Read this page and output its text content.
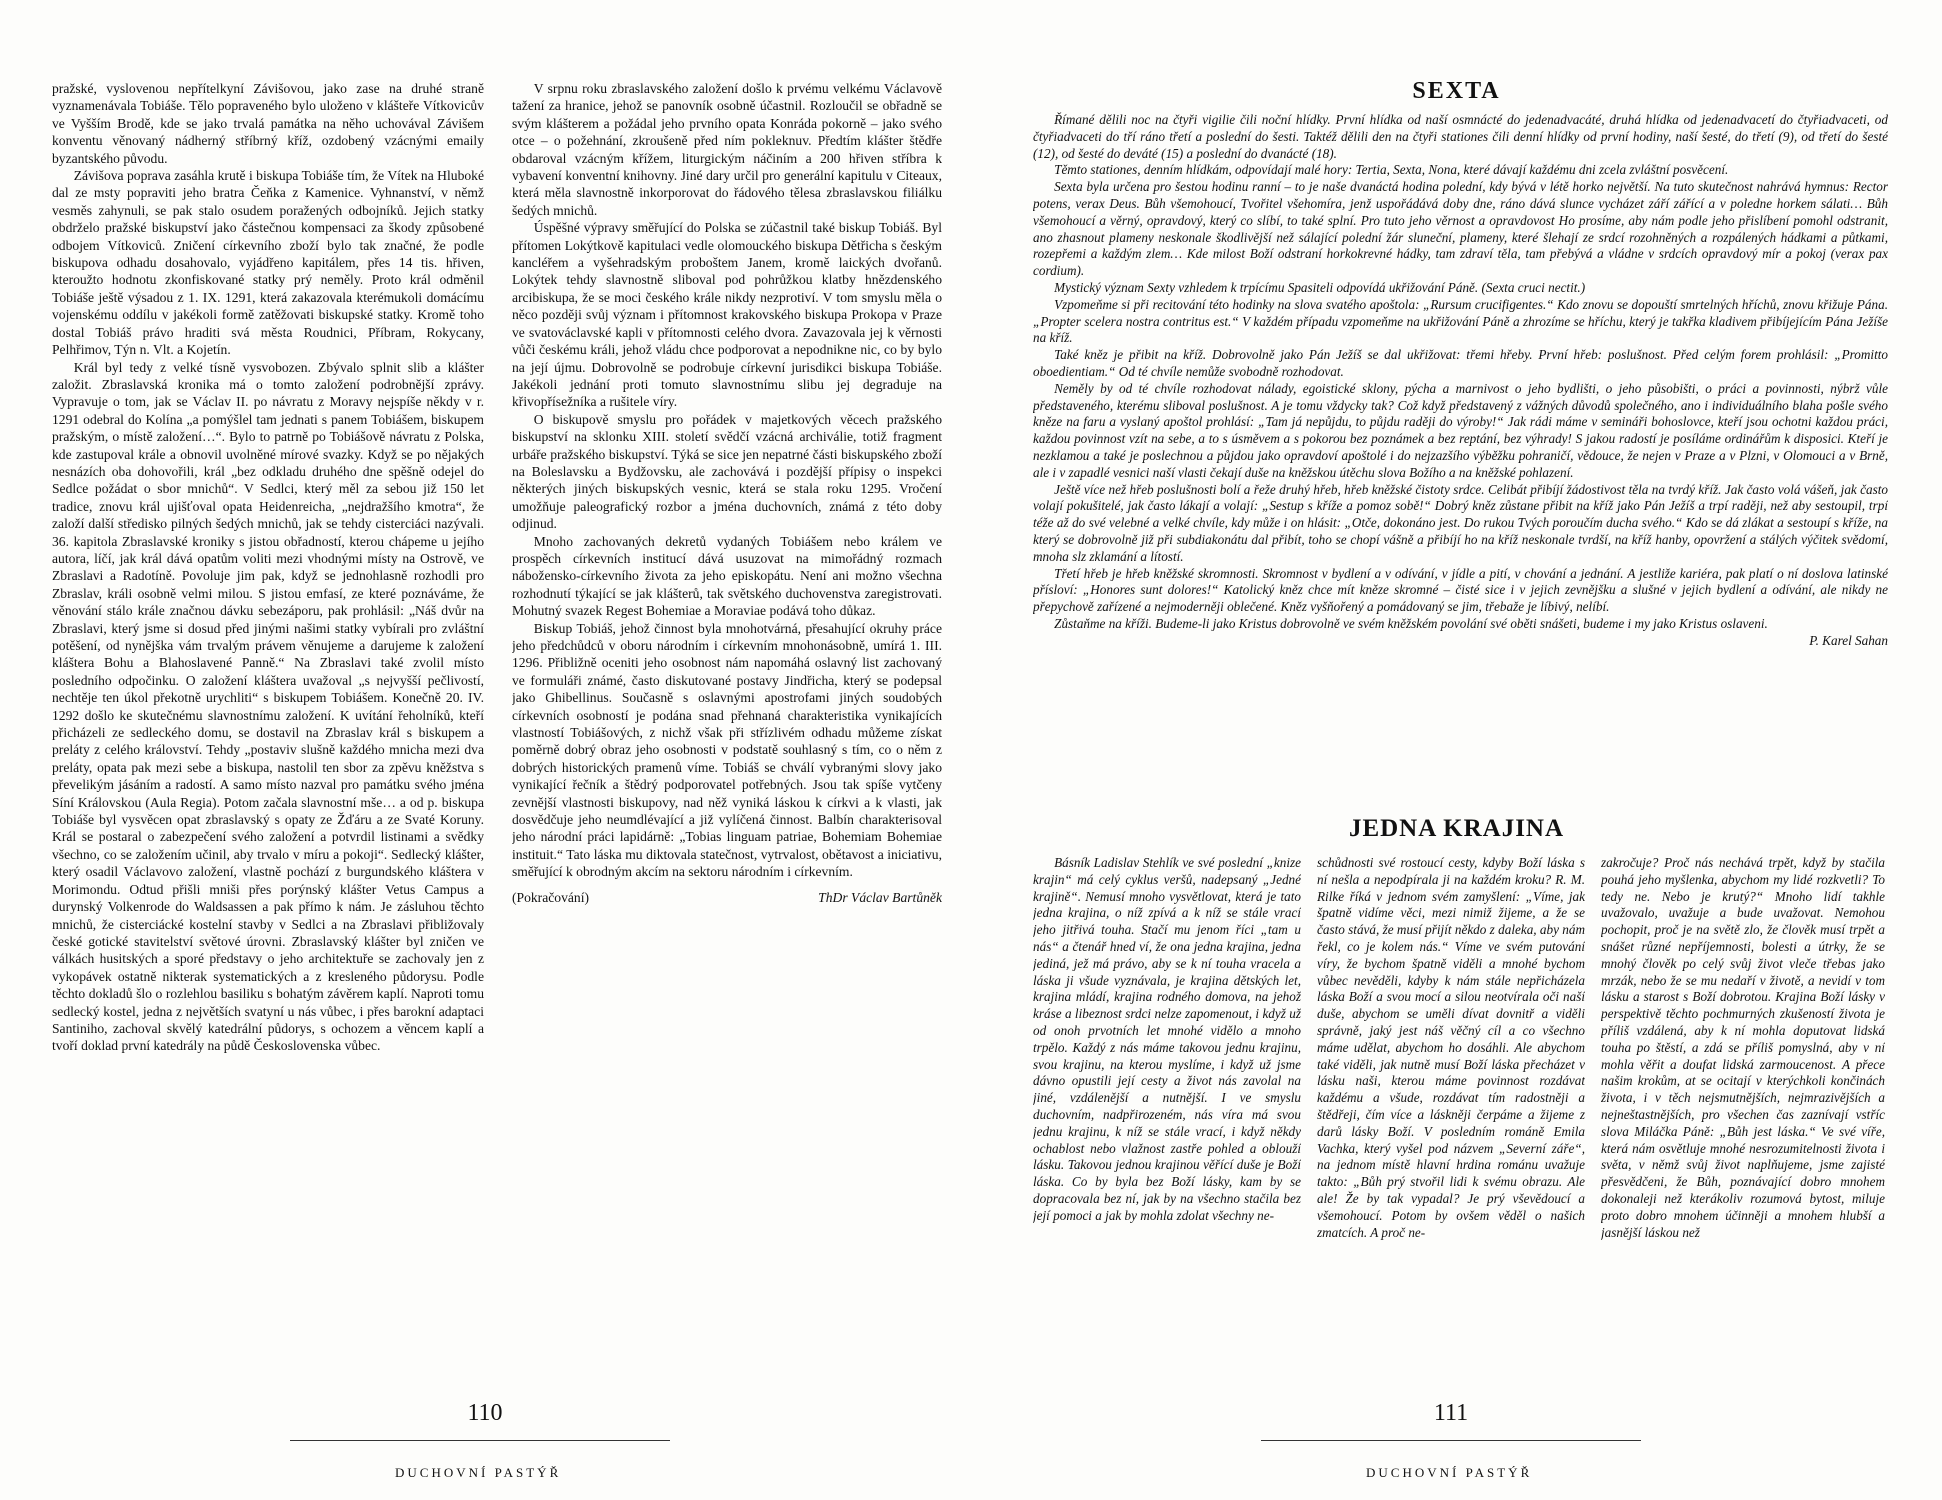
pražské, vyslovenou nepřítelkyní Závišovou, jako zase na druhé straně vyznamenávala Tobiáše. Tělo popraveného bylo uloženo v klášteře Vítkovicův ve Vyšším Brodě, kde se jako trvalá památka na něho uchovával Závišem konventu věnovaný nádherný stříbrný kříž, ozdobený vzácnými emaily byzantského původu.

Závišova poprava zasáhla krutě i biskupa Tobiáše tím, že Vítek na Hluboké dal ze msty popraviti jeho bratra Čeňka z Kamenice. Vyhnanství, v němž vesměs zahynuli, se pak stalo osudem poražených odbojníků. Jejich statky obdrželo pražské biskupství jako částečnou kompensaci za škody způsobené odbojem Vítkoviců. Zničení církevního zboží bylo tak značné, že podle biskupova odhadu dosahovalo, vyjádřeno kapitálem, přes 14 tis. hřiven, kteroužto hodnotu zkonfiskované statky prý neměly. Proto král odměnil Tobiáše ještě výsadou z 1. IX. 1291, která zakazovala kterémukoli domácímu vojenskému oddílu v jakékoli formě zatěžovati biskupské statky. Kromě toho dostal Tobiáš právo hraditi svá města Roudnici, Příbram, Rokycany, Pelhřimov, Týn n. Vlt. a Kojetín.

Král byl tedy z velké tísně vysvobozen. Zbývalo splnit slib a klášter založit. Zbraslavská kronika má o tomto založení podrobnější zprávy. Vypravuje o tom, jak se Václav II. po návratu z Moravy nejspíše někdy v r. 1291 odebral do Kolína „a pomýšlel tam jednati s panem Tobiášem, biskupem pražským, o místě založení…“. Bylo to patrně po Tobiášově návratu z Polska, kde zastupoval krále a obnovil uvolněné mírové svazky. Když se po nějakých nesnázích oba dohovořili, král „bez odkladu druhého dne spěšně odejel do Sedlce požádat o sbor mnichů“. V Sedlci, který měl za sebou již 150 let tradice, znovu král ujišťoval opata Heidenreicha, „nejdražšího kmotra“, že založí další středisko pilných šedých mnichů, jak se tehdy cisterciáci nazývali. 36. kapitola Zbraslavské kroniky s jistou obřadností, kterou chápeme u jejího autora, líčí, jak král dává opatům voliti mezi vhodnými místy na Ostrově, ve Zbraslavi a Radotíně. Povoluje jim pak, když se jednohlasně rozhodli pro Zbraslav, králi osobně velmi milou. S jistou emfasí, ze které poznáváme, že věnování stálo krále značnou dávku sebezáporu, pak prohlásil: „Náš dvůr na Zbraslavi, který jsme si dosud před jinými našimi statky vybírali pro zvláštní potěšení, od nynějška vám trvalým právem věnujeme a darujeme k založení kláštera Bohu a Blahoslavené Panně.“ Na Zbraslavi také zvolil místo posledního odpočinku. O založení kláštera uvažoval „s nejvyšší pečlivostí, nechtěje ten úkol překotně urychliti“ s biskupem Tobiášem. Konečně 20. IV. 1292 došlo ke skutečnému slavnostnímu založení. K uvítání řeholníků, kteří přicházeli ze sedleckého domu, se dostavil na Zbraslav král s biskupem a preláty z celého království. Tehdy „postaviv slušně každého mnicha mezi dva preláty, opata pak mezi sebe a biskupa, nastolil ten sbor za zpěvu kněžstva s převelikým jásáním a radostí. A samo místo nazval pro památku svého jména Síní Královskou (Aula Regia). Potom začala slavnostní mše… a od p. biskupa Tobiáše byl vysvěcen opat zbraslavský s opaty ze Žďáru a ze Svaté Koruny. Král se postaral o zabezpečení svého založení a potvrdil listinami a svědky všechno, co se založením učinil, aby trvalo v míru a pokoji“. Sedlecký klášter, který osadil Václavovo založení, vlastně pochází z burgundského kláštera v Morimondu. Odtud přišli mniši přes porýnský klášter Vetus Campus a durynský Volkenrode do Waldsassen a pak přímo k nám. Je zásluhou těchto mnichů, že cisterciácké kostelní stavby v Sedlci a na Zbraslavi přibližovaly české gotické stavitelství světové úrovni. Zbraslavský klášter byl zničen ve válkách husitských a sporé představy o jeho architektuře se zachovaly jen z vykopávek ostatně nikterak systematických a z kresleného půdorysu. Podle těchto dokladů šlo o rozlehlou basiliku s bohatým závěrem kaplí. Naproti tomu sedlecký kostel, jedna z největších svatyní u nás vůbec, i přes barokní adaptaci Santiniho, zachoval skvělý katedrální půdorys, s ochozem a věncem kaplí a tvoří doklad první katedrály na půdě Československa vůbec.

V srpnu roku zbraslavského založení došlo k prvému velkému Václavově tažení za hranice, jehož se panovník osobně účastnil. Rozloučil se obřadně se svým klášterem a požádal jeho prvního opata Konráda pokorně – jako svého otce – o požehnání, zkroušeně před ním pokleknuv. Předtím klášter štědře obdaroval vzácným křížem, liturgickým náčiním a 200 hřiven stříbra k vybavení konventní knihovny. Jiné dary určil pro generální kapitulu v Citeaux, která měla slavnostně inkorporovat do řádového tělesa zbraslavskou filiálku šedých mnichů.

Úspěšné výpravy směřující do Polska se zúčastnil také biskup Tobiáš. Byl přítomen Lokýtkově kapitulaci vedle olomouckého biskupa Dětřicha s českým kancléřem a vyšehradským proboštem Janem, kromě laických dvořanů. Lokýtek tehdy slavnostně sliboval pod pohrůžkou klatby hnězdenského arcibiskupa, že se moci českého krále nikdy nezprotiví. V tom smyslu měla o něco později svůj význam i přítomnost krakovského biskupa Prokopa v Praze ve svatováclavské kapli v přítomnosti celého dvora. Zavazovala jej k věrnosti vůči českému králi, jehož vládu chce podporovat a nepodnikne nic, co by bylo na její újmu. Dobrovolně se podrobuje církevní jurisdikci biskupa Tobiáše. Jakékoli jednání proti tomuto slavnostnímu slibu jej degraduje na křivopřísežníka a rušitele víry.

O biskupově smyslu pro pořádek v majetkových věcech pražského biskupství na sklonku XIII. století svědčí vzácná archiválie, totiž fragment urbáře pražského biskupství. Týká se sice jen nepatrné části biskupského zboží na Boleslavsku a Bydžovsku, ale zachovává i pozdější přípisy o inspekci některých jiných biskupských vesnic, která se stala roku 1295. Vročení umožňuje paleografický rozbor a jména duchovních, známá z této doby odjinud.

Mnoho zachovaných dekretů vydaných Tobiášem nebo králem ve prospěch církevních institucí dává usuzovat na mimořádný rozmach nábožensko-církevního života za jeho episkopátu. Není ani možno všechna rozhodnutí týkající se jak klášterů, tak světského duchovenstva zaregistrovati. Mohutný svazek Regest Bohemiae a Moraviae podává toho důkaz.

Biskup Tobiáš, jehož činnost byla mnohotvárná, přesahující okruhy práce jeho předchůdců v oboru národním i církevním mnohonásobně, umírá 1. III. 1296. Přibližně oceniti jeho osobnost nám napomáhá oslavný list zachovaný ve formuláři známé, často diskutované postavy Jindřicha, který se podepsal jako Ghibellinus. Současně s oslavnými apostrofami jiných soudobých církevních osobností je podána snad přehnaná charakteristika vynikajících vlastností Tobiášových, z nichž však při střízlivém odhadu můžeme získat poměrně dobrý obraz jeho osobnosti v podstatě souhlasný s tím, co o něm z dobrých historických pramenů víme. Tobiáš se chválí vybranými slovy jako vynikající řečník a štědrý podporovatel potřebných. Jsou tak spíše vytčeny zevnější vlastnosti biskupovy, nad něž vyniká láskou k církvi a k vlasti, jak dosvědčuje jeho neumdlévající a již vylíčená činnost. Balbín charakterisoval jeho národní práci lapidárně: „Tobias linguam patriae, Bohemiam Bohemiae instituit.“ Tato láska mu diktovala statečnost, vytrvalost, obětavost a iniciativu, směřující k obrodným akcím na sektoru národním i církevním.

(Pokračování)	ThDr Václav Bartůněk
110
DUCHOVNÍ PASTÝŘ
SEXTA

Římané dělili noc na čtyři vigilie čili noční hlídky. První hlídka od naší osmnácté do jedenadvacáté, druhá hlídka od jedenadvacetí do čtyřiadvaceti, od čtyřiadvaceti do tří ráno třetí a poslední do šesti. Taktéž dělili den na čtyři stationes čili denní hlídky od první hodiny, naší šesté, do třetí (9), od třetí do šesté (12), od šesté do deváté (15) a poslední do dvanácté (18).

Těmto stationes, denním hlídkám, odpovídají malé hory: Tertia, Sexta, Nona, které dávají každému dni zcela zvláštní posvěcení.

Sexta byla určena pro šestou hodinu ranní – to je naše dvanáctá hodina polední, kdy bývá v létě horko největší. Na tuto skutečnost nahrává hymnus: Rector potens, verax Deus. Bůh všemohoucí, Tvořitel všehomíra, jenž uspořádává doby dne, ráno dává slunce vycházet září zářící a v poledne horkem sálati… Bůh všemohoucí a věrný, opravdový, který co slíbí, to také splní. Pro tuto jeho věrnost a opravdovost Ho prosíme, aby nám podle jeho přislíbení pomohl odstranit, ano zhasnout plameny neskonale škodlivější než sálající polední žár sluneční, plameny, které šlehají ze srdcí rozohněných a rozpálených hádkami a půtkami, rozepřemi a každým zlem… Kde milost Boží odstraní horkokrevné hádky, tam zdraví těla, tam přebývá a vládne v srdcích opravdový mír a pokoj (verax pax cordium).

Mystický význam Sexty vzhledem k trpícímu Spasiteli odpovídá ukřižování Páně. (Sexta cruci nectit.)

Vzpomeňme si při recitování této hodinky na slova svatého apoštola: „Rursum crucifigentes.“ Kdo znovu se dopouští smrtelných hříchů, znovu křižuje Pána. „Propter scelera nostra contritus est.“ V každém případu vzpomeňme na ukřižování Páně a zhrozíme se hříchu, který je takřka kladivem přibíjejícím Pána Ježíše na kříž.

Také kněz je přibit na kříž. Dobrovolně jako Pán Ježíš se dal ukřižovat: třemi hřeby. První hřeb: poslušnost. Před celým forem prohlásil: „Promitto oboedientiam.“ Od té chvíle nemůže svobodně rozhodovat.

Neměly by od té chvíle rozhodovat nálady, egoistické sklony, pýcha a marnivost o jeho bydlišti, o jeho působišti, o práci a povinnosti, nýbrž vůle představeného, kterému sliboval poslušnost. A je tomu vždycky tak? Což když představený z vážných důvodů společného, ano i individuálního blaha pošle svého kněze na faru a vyslaný apoštol prohlásí: „Tam já nepůjdu, to půjdu raději do výroby!“ Jak rádi máme v semináři bohoslovce, kteří jsou ochotni každou práci, každou povinnost vzít na sebe, a to s úsměvem a s pokorou bez poznámek a bez reptání, bez výhrady! S jakou radostí je posíláme ordinářům k disposici. Kteří je nezklamou a také je poslechnou a půjdou jako opravdoví apoštolé i do nejzazšího výběžku pohraničí, vědouce, že nejen v Praze a v Plzni, v Olomouci a v Brně, ale i v zapadlé vesnici naší vlasti čekají duše na kněžskou útěchu slova Božího a na kněžské pohlazení.

Ještě více než hřeb poslušnosti bolí a řeže druhý hřeb, hřeb kněžské čistoty srdce. Celibát přibíjí žádostivost těla na tvrdý kříž. Jak často volá vášeň, jak často volají pokušitelé, jak často lákají a volají: „Sestup s kříže a pomoz sobě!“ Dobrý kněz zůstane přibit na kříž jako Pán Ježíš a trpí raději, než aby sestoupil, trpí téže až do své velebné a velké chvíle, kdy může i on hlásit: „Otče, dokonáno jest. Do rukou Tvých poroučím ducha svého.“ Kdo se dá zlákat a sestoupí s kříže, na který se dobrovolně již při subdiakonátu dal přibít, toho se chopí vášně a přibíjí ho na kříž neskonale tvrdší, na kříž hanby, opovržení a stálých výčitek svědomí, mnoha slz zklamání a lítostí.

Třetí hřeb je hřeb kněžské skromnosti. Skromnost v bydlení a v odívání, v jídle a pití, v chování a jednání. A jestliže kariéra, pak platí o ní doslova latinské přísloví: „Honores sunt dolores!“ Katolický kněz chce mít kněze skromné – čisté sice i v jejich zevnějšku a slušné v jejich bydlení a odívání, ale nikdy ne přepychově zařízené a nejmoderněji oblečené. Kněz vyšňořený a pomádovaný se jim, třebaže je líbivý, nelíbí.

Zůstaňme na kříži. Budeme-li jako Kristus dobrovolně ve svém kněžském povolání své oběti snášeti, budeme i my jako Kristus oslaveni.

P. Karel Sahan
JEDNA KRAJINA

Básník Ladislav Stehlík ve své poslední „knize krajin“ má celý cyklus veršů, nadepsaný „Jedné krajině“. Nemusí mnoho vysvětlovat, která je tato jedna krajina, o níž zpívá a k níž se stále vrací jeho jitřivá touha. Stačí mu jenom říci „tam u nás“ a čtenář hned ví, že ona jedna krajina, jedna jediná, jež má právo, aby se k ní touha vracela a láska ji všude vyznávala, je krajina dětských let, krajina mládí, krajina rodného domova, na jehož kráse a libeznost srdci nelze zapomenout, i když už od onoh prvotních let mnohé vidělo a mnoho trpělo. Každý z nás máme takovou jednu krajinu, svou krajinu, na kterou myslíme, i když už jsme dávno opustili její cesty a život nás zavolal na jiné, vzdálenější a nutnější. I ve smyslu duchovním, nadpřirozeném, nás víra má svou jednu krajinu, k níž se stále vrací, i když někdy ochablost nebo vlažnost zastře pohled a oblouží lásku. Takovou jednou krajinou věřící duše je Boží láska. Co by byla bez Boží lásky, kam by se dopracovala bez ní, jak by na všechno stačila bez její pomoci a jak by mohla zdolat všechny ne-

schůdnosti své rostoucí cesty, kdyby Boží láska s ní nešla a nepodpírala ji na každém kroku? R. M. Rilke říká v jednom svém zamyšlení: „Víme, jak špatně vidíme věci, mezi nimiž žijeme, a že se často stává, že musí přijít někdo z daleka, aby nám řekl, co je kolem nás.“ Víme ve svém putování víry, že bychom špatně viděli a mnohé bychom vůbec nevěděli, kdyby k nám stále nepřicházela láska Boží a svou mocí a silou neotvírala oči naší duše, abychom se uměli dívat dovnitř a viděli správně, jaký jest náš věčný cíl a co všechno máme udělat, abychom ho dosáhli. Ale abychom také viděli, jak nutně musí Boží láska přecházet v lásku naši, kterou máme povinnost rozdávat každému a všude, rozdávat tím radostněji a štědřeji, čím více a láskněji čerpáme a žijeme z darů lásky Boží. V posledním románě Emila Vachka, který vyšel pod názvem „Severní záře“, na jednom místě hlavní hrdina románu uvažuje takto: „Bůh prý stvořil lidi k svému obrazu. Ale ale! Že by tak vypadal? Je prý vševědoucí a všemohoucí. Potom by ovšem věděl o našich zmatcích. A proč ne-

zakročuje? Proč nás nechává trpět, když by stačila pouhá jeho myšlenka, abychom my lidé rozkvetli? To tedy ne. Nebo je krutý?“ Mnoho lidí takhle uvažovalo, uvažuje a bude uvažovat. Nemohou pochopit, proč je na světě zlo, že člověk musí trpět a snášet různé nepříjemnosti, bolesti a útrky, že se mnohý člověk po celý svůj život vleče třebas jako mrzák, nebo že se mu nedaří v životě, a nevidí v tom lásku a starost s Boží dobrotou. Krajina Boží lásky v perspektivě těchto pochmurných zkušeností života je příliš vzdálená, aby k ní mohla doputovat lidská touha po štěstí, a zdá se příliš pomyslná, aby v ní mohla věřit a doufat lidská zarmoucenost. A přece našim krokům, at se ocitají v kterýchkoli končinách života, i v těch nejsmutnějších, nejmrazivějších a nejneštastnějších, pro všechen čas zaznívají vstříc slova Miláčka Páně: „Bůh jest láska.“ Ve své víře, která nám osvětluje mnohé nesrozumitelnosti života i světa, v němž svůj život naplňujeme, jsme zajisté přesvědčeni, že Bůh, poznávající dobro mnohem dokonaleji než kterákoliv rozumová bytost, miluje proto dobro mnohem účinněji a mnohem hlubší a jasnější láskou než

111
DUCHOVNÍ PASTÝŘ
